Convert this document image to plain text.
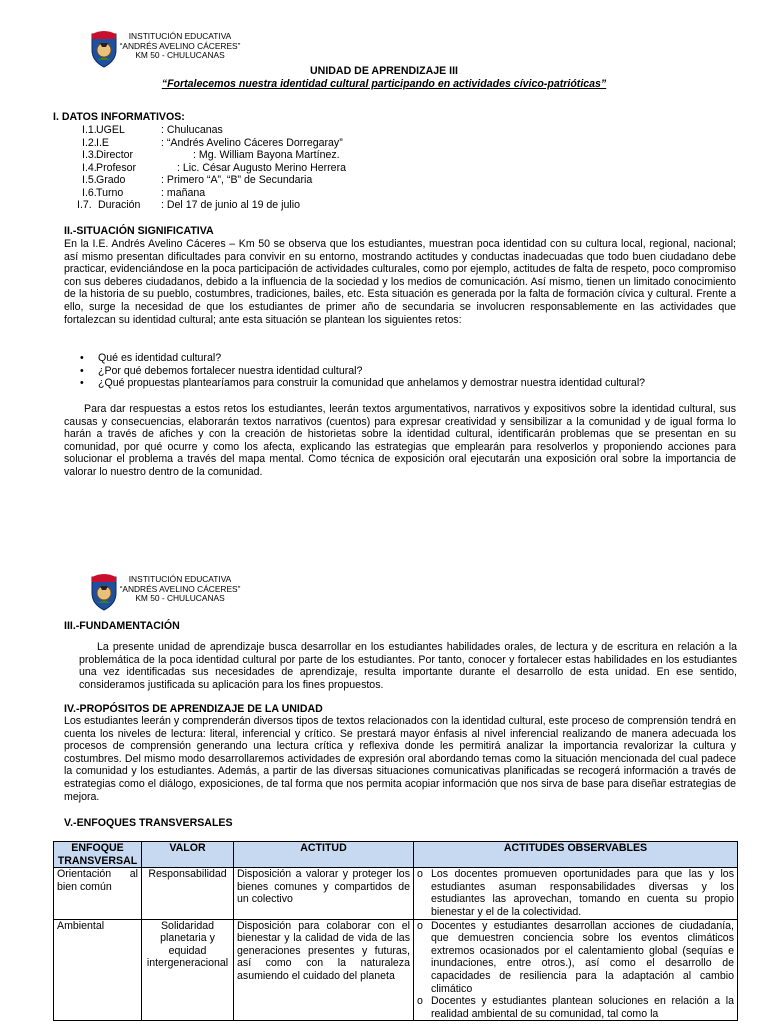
INSTITUCIÓN EDUCATIVA
“ANDRÉS AVELINO CÁCERES”
KM 50 - CHULUCANAS
UNIDAD DE APRENDIZAJE III
“Fortalecemos nuestra identidad cultural participando en actividades cívico-patrióticas”
I. DATOS INFORMATIVOS:
I.1. UGEL	: Chulucanas
I.2. I.E	: “Andrés Avelino Cáceres Dorregaray”
I.3. Director	: Mg. William Bayona Martínez.
I.4. Profesor	: Lic. César Augusto Merino Herrera
I.5. Grado	: Primero “A”, “B” de Secundaria
I.6. Turno	: mañana
I.7. Duración : Del 17 de junio al 19 de julio
II.-SITUACIÓN SIGNIFICATIVA
En la I.E. Andrés Avelino Cáceres – Km 50 se observa que los estudiantes, muestran poca identidad con su cultura local, regional, nacional; así mismo presentan dificultades para convivir en su entorno, mostrando actitudes y conductas inadecuadas que todo buen ciudadano debe practicar, evidenciándose en la poca participación de actividades culturales, como por ejemplo, actitudes de falta de respeto, poco compromiso con sus deberes ciudadanos, debido a la influencia de la sociedad y los medios de comunicación. Así mismo, tienen un limitado conocimiento de la historia de su pueblo, costumbres, tradiciones, bailes, etc. Esta situación es generada por la falta de formación cívica y cultural. Frente a ello, surge la necesidad de que los estudiantes de primer año de secundaria se involucren responsablemente en las actividades que fortalezcan su identidad cultural; ante esta situación se plantean los siguientes retos:
• Qué es identidad cultural?
• ¿Por qué debemos fortalecer nuestra identidad cultural?
• ¿Qué propuestas plantearíamos para construir la comunidad que anhelamos y demostrar nuestra identidad cultural?
Para dar respuestas a estos retos los estudiantes, leerán textos argumentativos, narrativos y expositivos sobre la identidad cultural, sus causas y consecuencias, elaborarán textos narrativos (cuentos) para expresar creatividad y sensibilizar a la comunidad y de igual forma lo harán a través de afiches y con la creación de historietas sobre la identidad cultural, identificarán problemas que se presentan en su comunidad, por qué ocurre y como los afecta, explicando las estrategias que emplearán para resolverlos y proponiendo acciones para solucionar el problema a través del mapa mental. Como técnica de exposición oral ejecutarán una exposición oral sobre la importancia de valorar lo nuestro dentro de la comunidad.
INSTITUCIÓN EDUCATIVA
“ANDRÉS AVELINO CÁCERES”
KM 50 - CHULUCANAS
III.-FUNDAMENTACIÓN
La presente unidad de aprendizaje busca desarrollar en los estudiantes habilidades orales, de lectura y de escritura en relación a la problemática de la poca identidad cultural por parte de los estudiantes. Por tanto, conocer y fortalecer estas habilidades en los estudiantes una vez identificadas sus necesidades de aprendizaje, resulta importante durante el desarrollo de esta unidad. En ese sentido, consideramos justificada su aplicación para los fines propuestos.
IV.-PROPÓSITOS DE APRENDIZAJE DE LA UNIDAD
Los estudiantes leerán y comprenderán diversos tipos de textos relacionados con la identidad cultural, este proceso de comprensión tendrá en cuenta los niveles de lectura: literal, inferencial y crítico. Se prestará mayor énfasis al nivel inferencial realizando de manera adecuada los procesos de comprensión generando una lectura crítica y reflexiva donde les permitirá analizar la importancia revalorizar la cultura y costumbres. Del mismo modo desarrollaremos actividades de expresión oral abordando temas como la situación mencionada del cual padece la comunidad y los estudiantes. Además, a partir de las diversas situaciones comunicativas planificadas se recogerá información a través de estrategias como el diálogo, exposiciones, de tal forma que nos permita acopiar información que nos sirva de base para diseñar estrategias de mejora.
V.-ENFOQUES TRANSVERSALES
ENFOQUE TRANSVERSAL	VALOR	ACTITUD	ACTITUDES OBSERVABLES
Orientación al bien común	Responsabilidad	Disposición a valorar y proteger los bienes comunes y compartidos de un colectivo	o Los docentes promueven oportunidades para que las y los estudiantes asuman responsabilidades diversas y los estudiantes las aprovechan, tomando en cuenta su propio bienestar y el de la colectividad.

Ambiental	Solidaridad planetaria y equidad intergeneracional	Disposición para colaborar con el bienestar y la calidad de vida de las generaciones presentes y futuras, así como con la naturaleza asumiendo el cuidado del planeta	o Docentes y estudiantes desarrollan acciones de ciudadanía, que demuestren conciencia sobre los eventos climáticos extremos ocasionados por el calentamiento global (sequías e inundaciones, entre otros.), así como el desarrollo de capacidades de resiliencia para la adaptación al cambio climático
o Docentes y estudiantes plantean soluciones en relación a la realidad ambiental de su comunidad, tal como la
